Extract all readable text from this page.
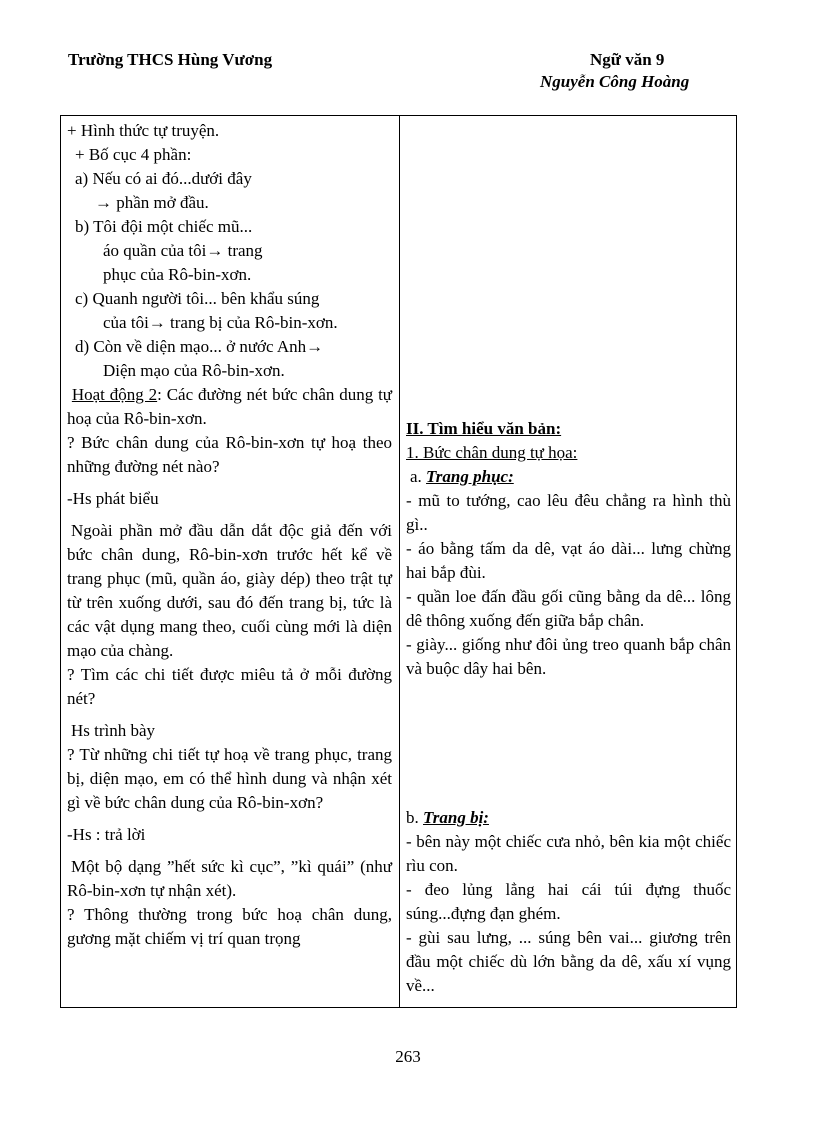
Trường THCS Hùng Vương	Ngữ văn 9
Nguyễn Công Hoàng

+ Hình thức tự truyện.

+ Bố cục 4 phần:

a) Nếu có ai đó...dưới đây

→ phần mở đầu.

b) Tôi đội một chiếc mũ...

áo quần của tôi→ trang

phục của Rô-bin-xơn.

c) Quanh người tôi... bên khẩu súng

của tôi→ trang bị của Rô-bin-xơn.

d) Còn về diện mạo... ở nước Anh→

Diện mạo của Rô-bin-xơn.

Hoạt động 2: Các đường nét bức chân dung tự hoạ của Rô-bin-xơn.

? Bức chân dung của Rô-bin-xơn tự hoạ theo những đường nét nào?

-Hs phát biểu

Ngoài phần mở đầu dẫn dắt độc giả đến với bức chân dung, Rô-bin-xơn trước hết kể về trang phục (mũ, quần áo, giày dép) theo trật tự từ trên xuống dưới, sau đó đến trang bị, tức là các vật dụng mang theo, cuối cùng mới là diện mạo của chàng.

? Tìm các chi tiết được miêu tả ở mỗi đường nét?

Hs trình bày

? Từ những chi tiết tự hoạ về trang phục, trang bị, diện mạo, em có thể hình dung và nhận xét gì về bức chân dung của Rô-bin-xơn?

-Hs : trả lời

Một bộ dạng ”hết sức kì cục”, ”kì quái” (như Rô-bin-xơn tự nhận xét).

? Thông thường trong bức hoạ chân dung, gương mặt chiếm vị trí quan trọng

II. Tìm hiểu văn bản:

1. Bức chân dung tự họa:

a. Trang phục:

- mũ to tướng, cao lêu đêu chẳng ra hình thù gì..

- áo bằng tấm da dê, vạt áo dài... lưng chừng hai bắp đùi.

- quần loe đấn đầu gối cũng bằng da dê... lông dê thông xuống đến giữa bắp chân.

- giày... giống như đôi ủng treo quanh bắp chân và buộc dây hai bên.

b. Trang bị:

- bên này một chiếc cưa nhỏ, bên kia một chiếc rìu con.

- đeo lủng lẳng hai cái túi đựng thuốc súng...đựng đạn ghém.

- gùi sau lưng, ... súng bên vai... giương trên đầu một chiếc dù lớn bằng da dê, xấu xí vụng về...

263
